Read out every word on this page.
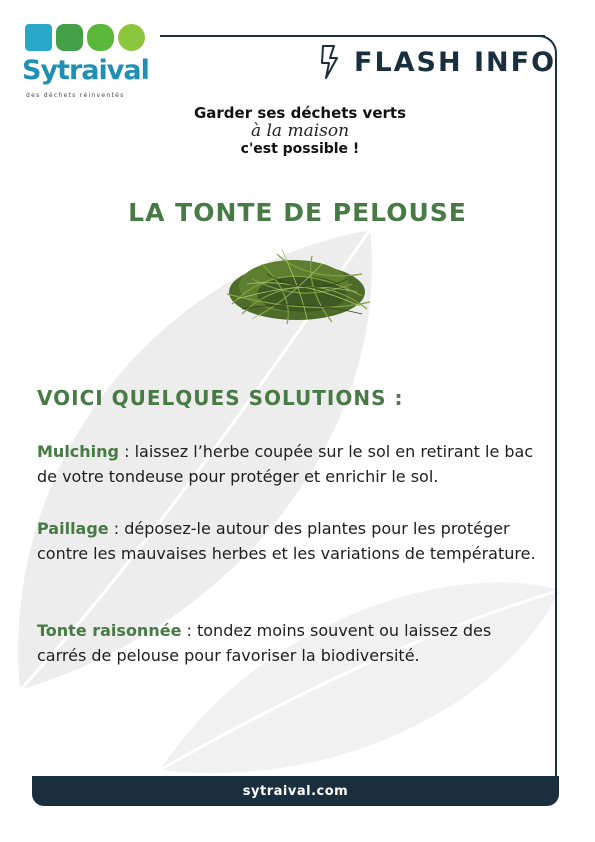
Sytraival
des déchets réinventés
FLASH INFO
Garder ses déchets verts
à la maison
c'est possible !
LA TONTE DE PELOUSE
VOICI QUELQUES SOLUTIONS :
Mulching : laissez l’herbe coupée sur le sol en retirant le bac de votre tondeuse pour protéger et enrichir le sol.
Paillage : déposez-le autour des plantes pour les protéger contre les mauvaises herbes et les variations de température.
Tonte raisonnée : tondez moins souvent ou laissez des carrés de pelouse pour favoriser la biodiversité.
sytraival.com
